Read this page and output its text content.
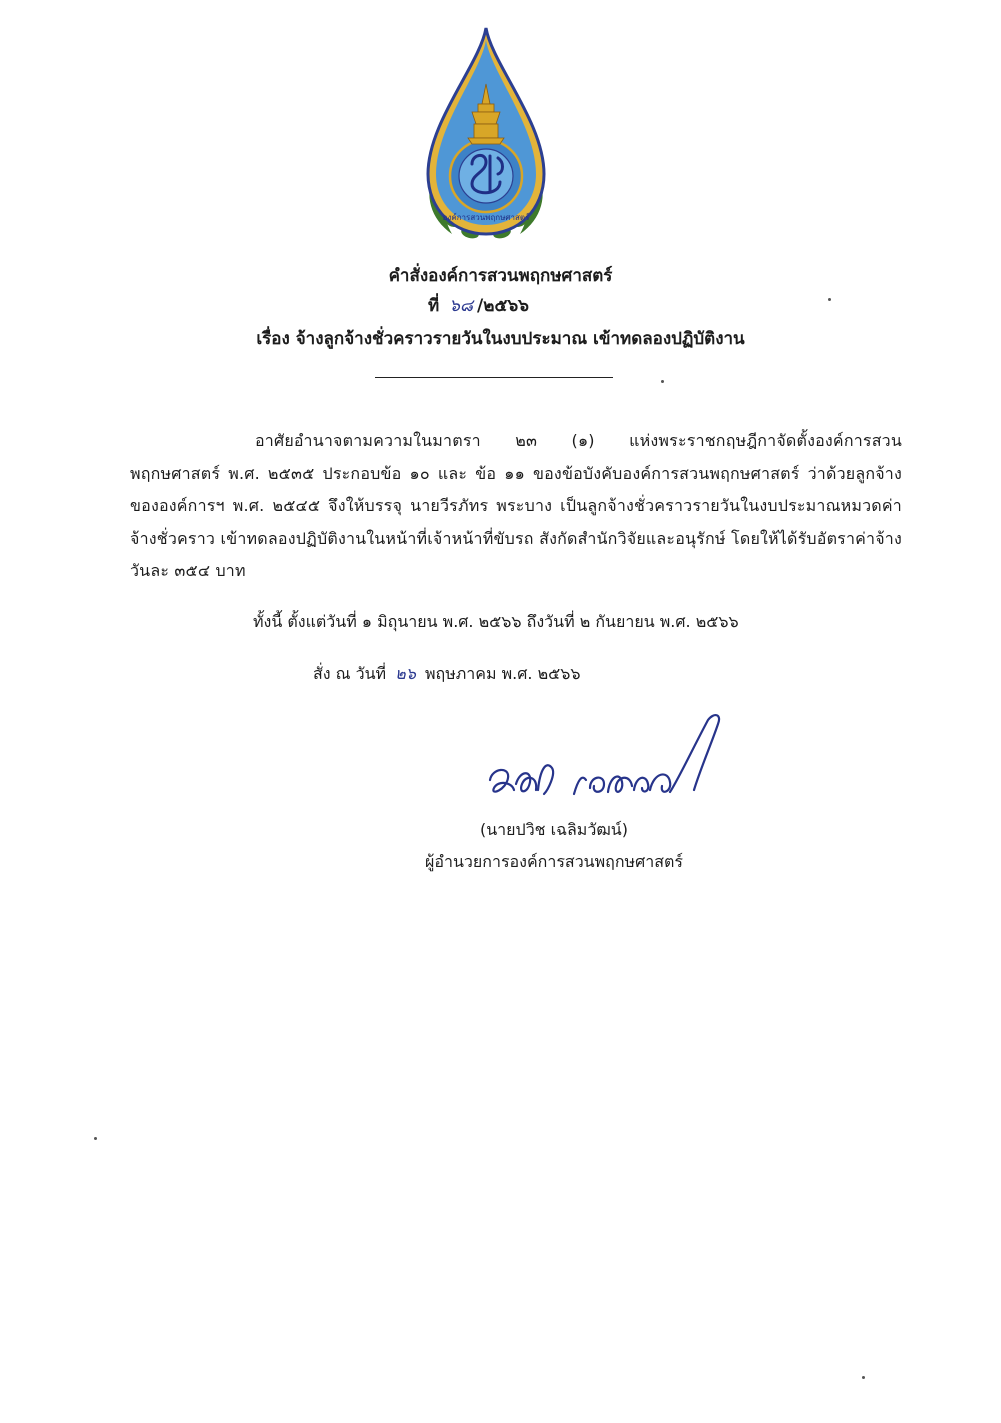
องค์การสวนพฤกษศาสตร์
คำสั่งองค์การสวนพฤกษศาสตร์
ที่ ๖๘ /๒๕๖๖
เรื่อง จ้างลูกจ้างชั่วคราวรายวันในงบประมาณ เข้าทดลองปฏิบัติงาน
อาศัยอำนาจตามความในมาตรา ๒๓ (๑) แห่งพระราชกฤษฎีกาจัดตั้งองค์การสวนพฤกษศาสตร์ พ.ศ. ๒๕๓๕ ประกอบข้อ ๑๐ และ ข้อ ๑๑ ของข้อบังคับองค์การสวนพฤกษศาสตร์ ว่าด้วยลูกจ้างขององค์การฯ พ.ศ. ๒๕๔๕ จึงให้บรรจุ นายวีรภัทร พระบาง เป็นลูกจ้างชั่วคราวรายวันในงบประมาณหมวดค่าจ้างชั่วคราว เข้าทดลองปฏิบัติงานในหน้าที่เจ้าหน้าที่ขับรถ สังกัดสำนักวิจัยและอนุรักษ์ โดยให้ได้รับอัตราค่าจ้างวันละ ๓๕๔ บาท
ทั้งนี้ ตั้งแต่วันที่ ๑ มิถุนายน พ.ศ. ๒๕๖๖ ถึงวันที่ ๒ กันยายน พ.ศ. ๒๕๖๖
สั่ง ณ วันที่ ๒๖ พฤษภาคม พ.ศ. ๒๕๖๖
(นายปวิช เฉลิมวัฒน์)
ผู้อำนวยการองค์การสวนพฤกษศาสตร์
